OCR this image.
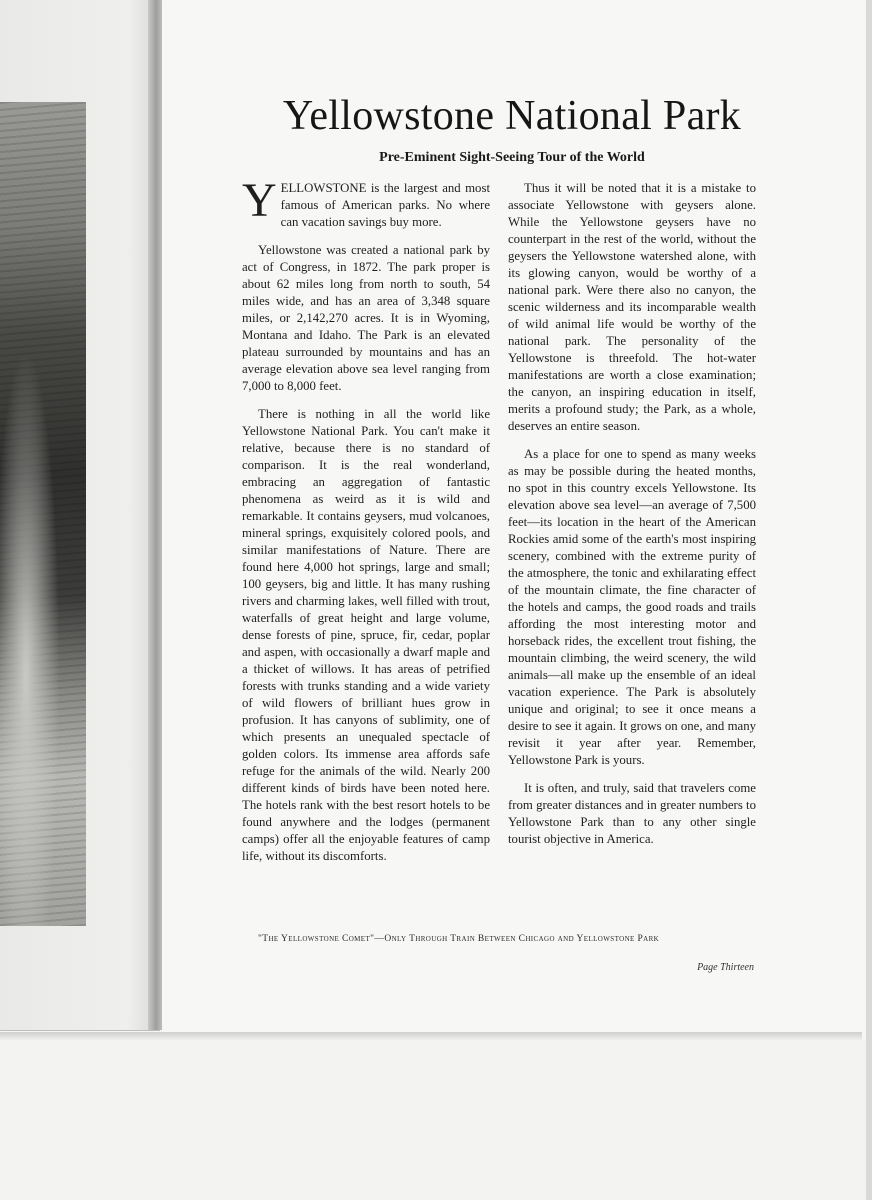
Yellowstone National Park
Pre-Eminent Sight-Seeing Tour of the World

YELLOWSTONE is the largest and most famous of American parks. No where can vacation savings buy more.

Yellowstone was created a national park by act of Congress, in 1872. The park proper is about 62 miles long from north to south, 54 miles wide, and has an area of 3,348 square miles, or 2,142,270 acres. It is in Wyoming, Montana and Idaho. The Park is an elevated plateau surrounded by mountains and has an average elevation above sea level ranging from 7,000 to 8,000 feet.

There is nothing in all the world like Yellowstone National Park. You can't make it relative, because there is no standard of comparison. It is the real wonderland, embracing an aggregation of fantastic phenomena as weird as it is wild and remarkable. It contains geysers, mud volcanoes, mineral springs, exquisitely colored pools, and similar manifestations of Nature. There are found here 4,000 hot springs, large and small; 100 geysers, big and little. It has many rushing rivers and charming lakes, well filled with trout, waterfalls of great height and large volume, dense forests of pine, spruce, fir, cedar, poplar and aspen, with occasionally a dwarf maple and a thicket of willows. It has areas of petrified forests with trunks standing and a wide variety of wild flowers of brilliant hues grow in profusion. It has canyons of sublimity, one of which presents an unequaled spectacle of golden colors. Its immense area affords safe refuge for the animals of the wild. Nearly 200 different kinds of birds have been noted here. The hotels rank with the best resort hotels to be found anywhere and the lodges (permanent camps) offer all the enjoyable features of camp life, without its discomforts.

Thus it will be noted that it is a mistake to associate Yellowstone with geysers alone. While the Yellowstone geysers have no counterpart in the rest of the world, without the geysers the Yellowstone watershed alone, with its glowing canyon, would be worthy of a national park. Were there also no canyon, the scenic wilderness and its incomparable wealth of wild animal life would be worthy of the national park. The personality of the Yellowstone is threefold. The hot-water manifestations are worth a close examination; the canyon, an inspiring education in itself, merits a profound study; the Park, as a whole, deserves an entire season.

As a place for one to spend as many weeks as may be possible during the heated months, no spot in this country excels Yellowstone. Its elevation above sea level—an average of 7,500 feet—its location in the heart of the American Rockies amid some of the earth's most inspiring scenery, combined with the extreme purity of the atmosphere, the tonic and exhilarating effect of the mountain climate, the fine character of the hotels and camps, the good roads and trails affording the most interesting motor and horseback rides, the excellent trout fishing, the mountain climbing, the weird scenery, the wild animals—all make up the ensemble of an ideal vacation experience. The Park is absolutely unique and original; to see it once means a desire to see it again. It grows on one, and many revisit it year after year. Remember, Yellowstone Park is yours.

It is often, and truly, said that travelers come from greater distances and in greater numbers to Yellowstone Park than to any other single tourist objective in America.

"The Yellowstone Comet"—Only Through Train Between Chicago and Yellowstone Park
Page Thirteen
